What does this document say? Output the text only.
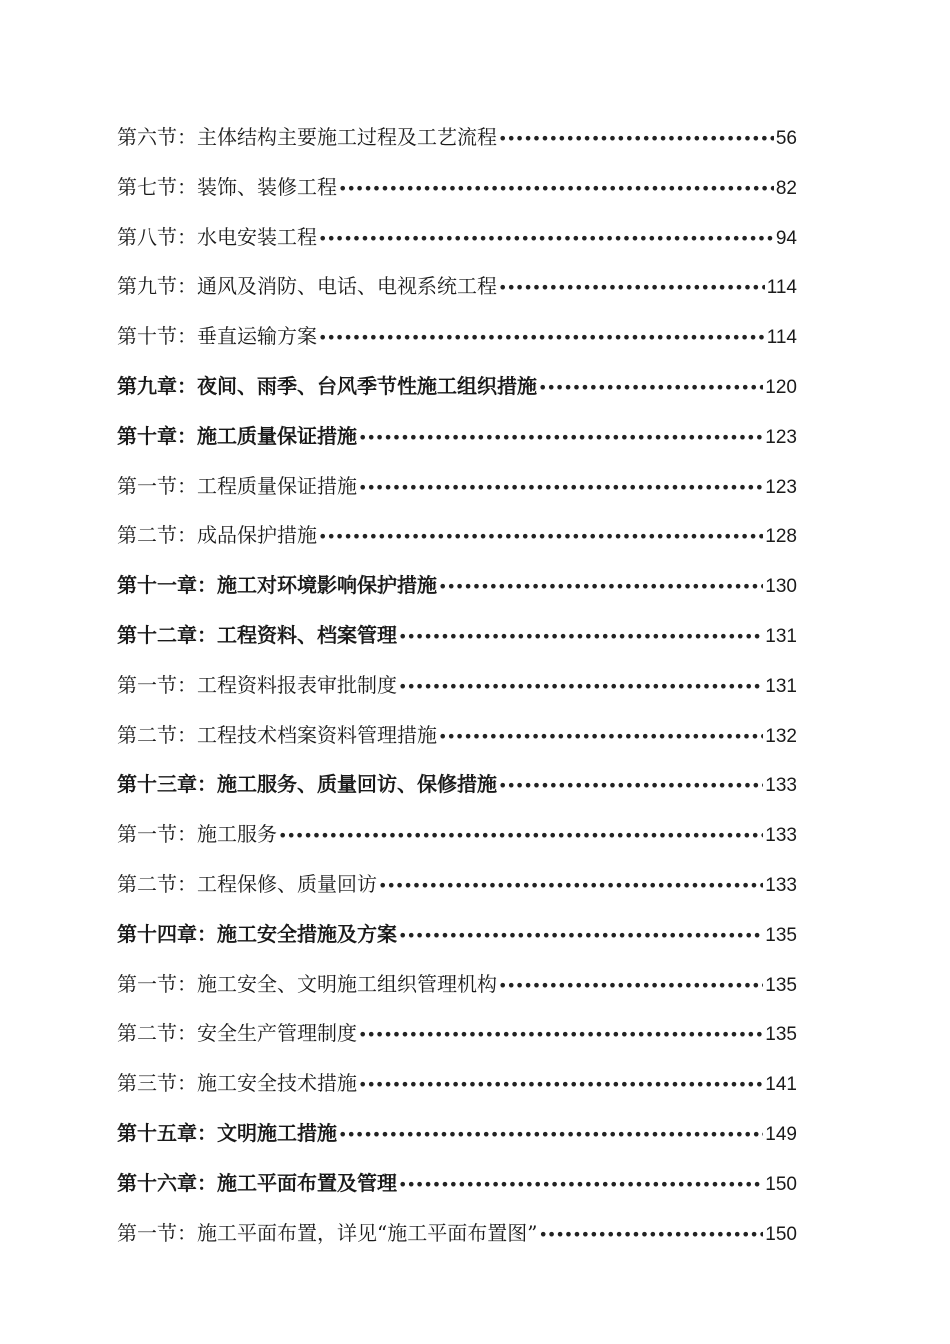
第六节：主体结构主要施工过程及工艺流程 •••••	56
第七节：装饰、装修工程 •••••	82
第八节：水电安装工程 •••••	94
第九节：通风及消防、电话、电视系统工程 •••••	114
第十节：垂直运输方案 •••••	114
第九章：夜间、雨季、台风季节性施工组织措施 •••••	120
第十章：施工质量保证措施 •••••	123
第一节：工程质量保证措施 •••••	123
第二节：成品保护措施 •••••	128
第十一章：施工对环境影响保护措施 •••••	130
第十二章：工程资料、档案管理 •••••	131
第一节：工程资料报表审批制度 •••••	131
第二节：工程技术档案资料管理措施 •••••	132
第十三章：施工服务、质量回访、保修措施 •••••	133
第一节：施工服务 •••••	133
第二节：工程保修、质量回访 •••••	133
第十四章：施工安全措施及方案 •••••	135
第一节：施工安全、文明施工组织管理机构 •••••	135
第二节：安全生产管理制度 •••••	135
第三节：施工安全技术措施 •••••	141
第十五章：文明施工措施 •••••	149
第十六章：施工平面布置及管理 •••••	150
第一节：施工平面布置，详见“施工平面布置图” •••••	150
